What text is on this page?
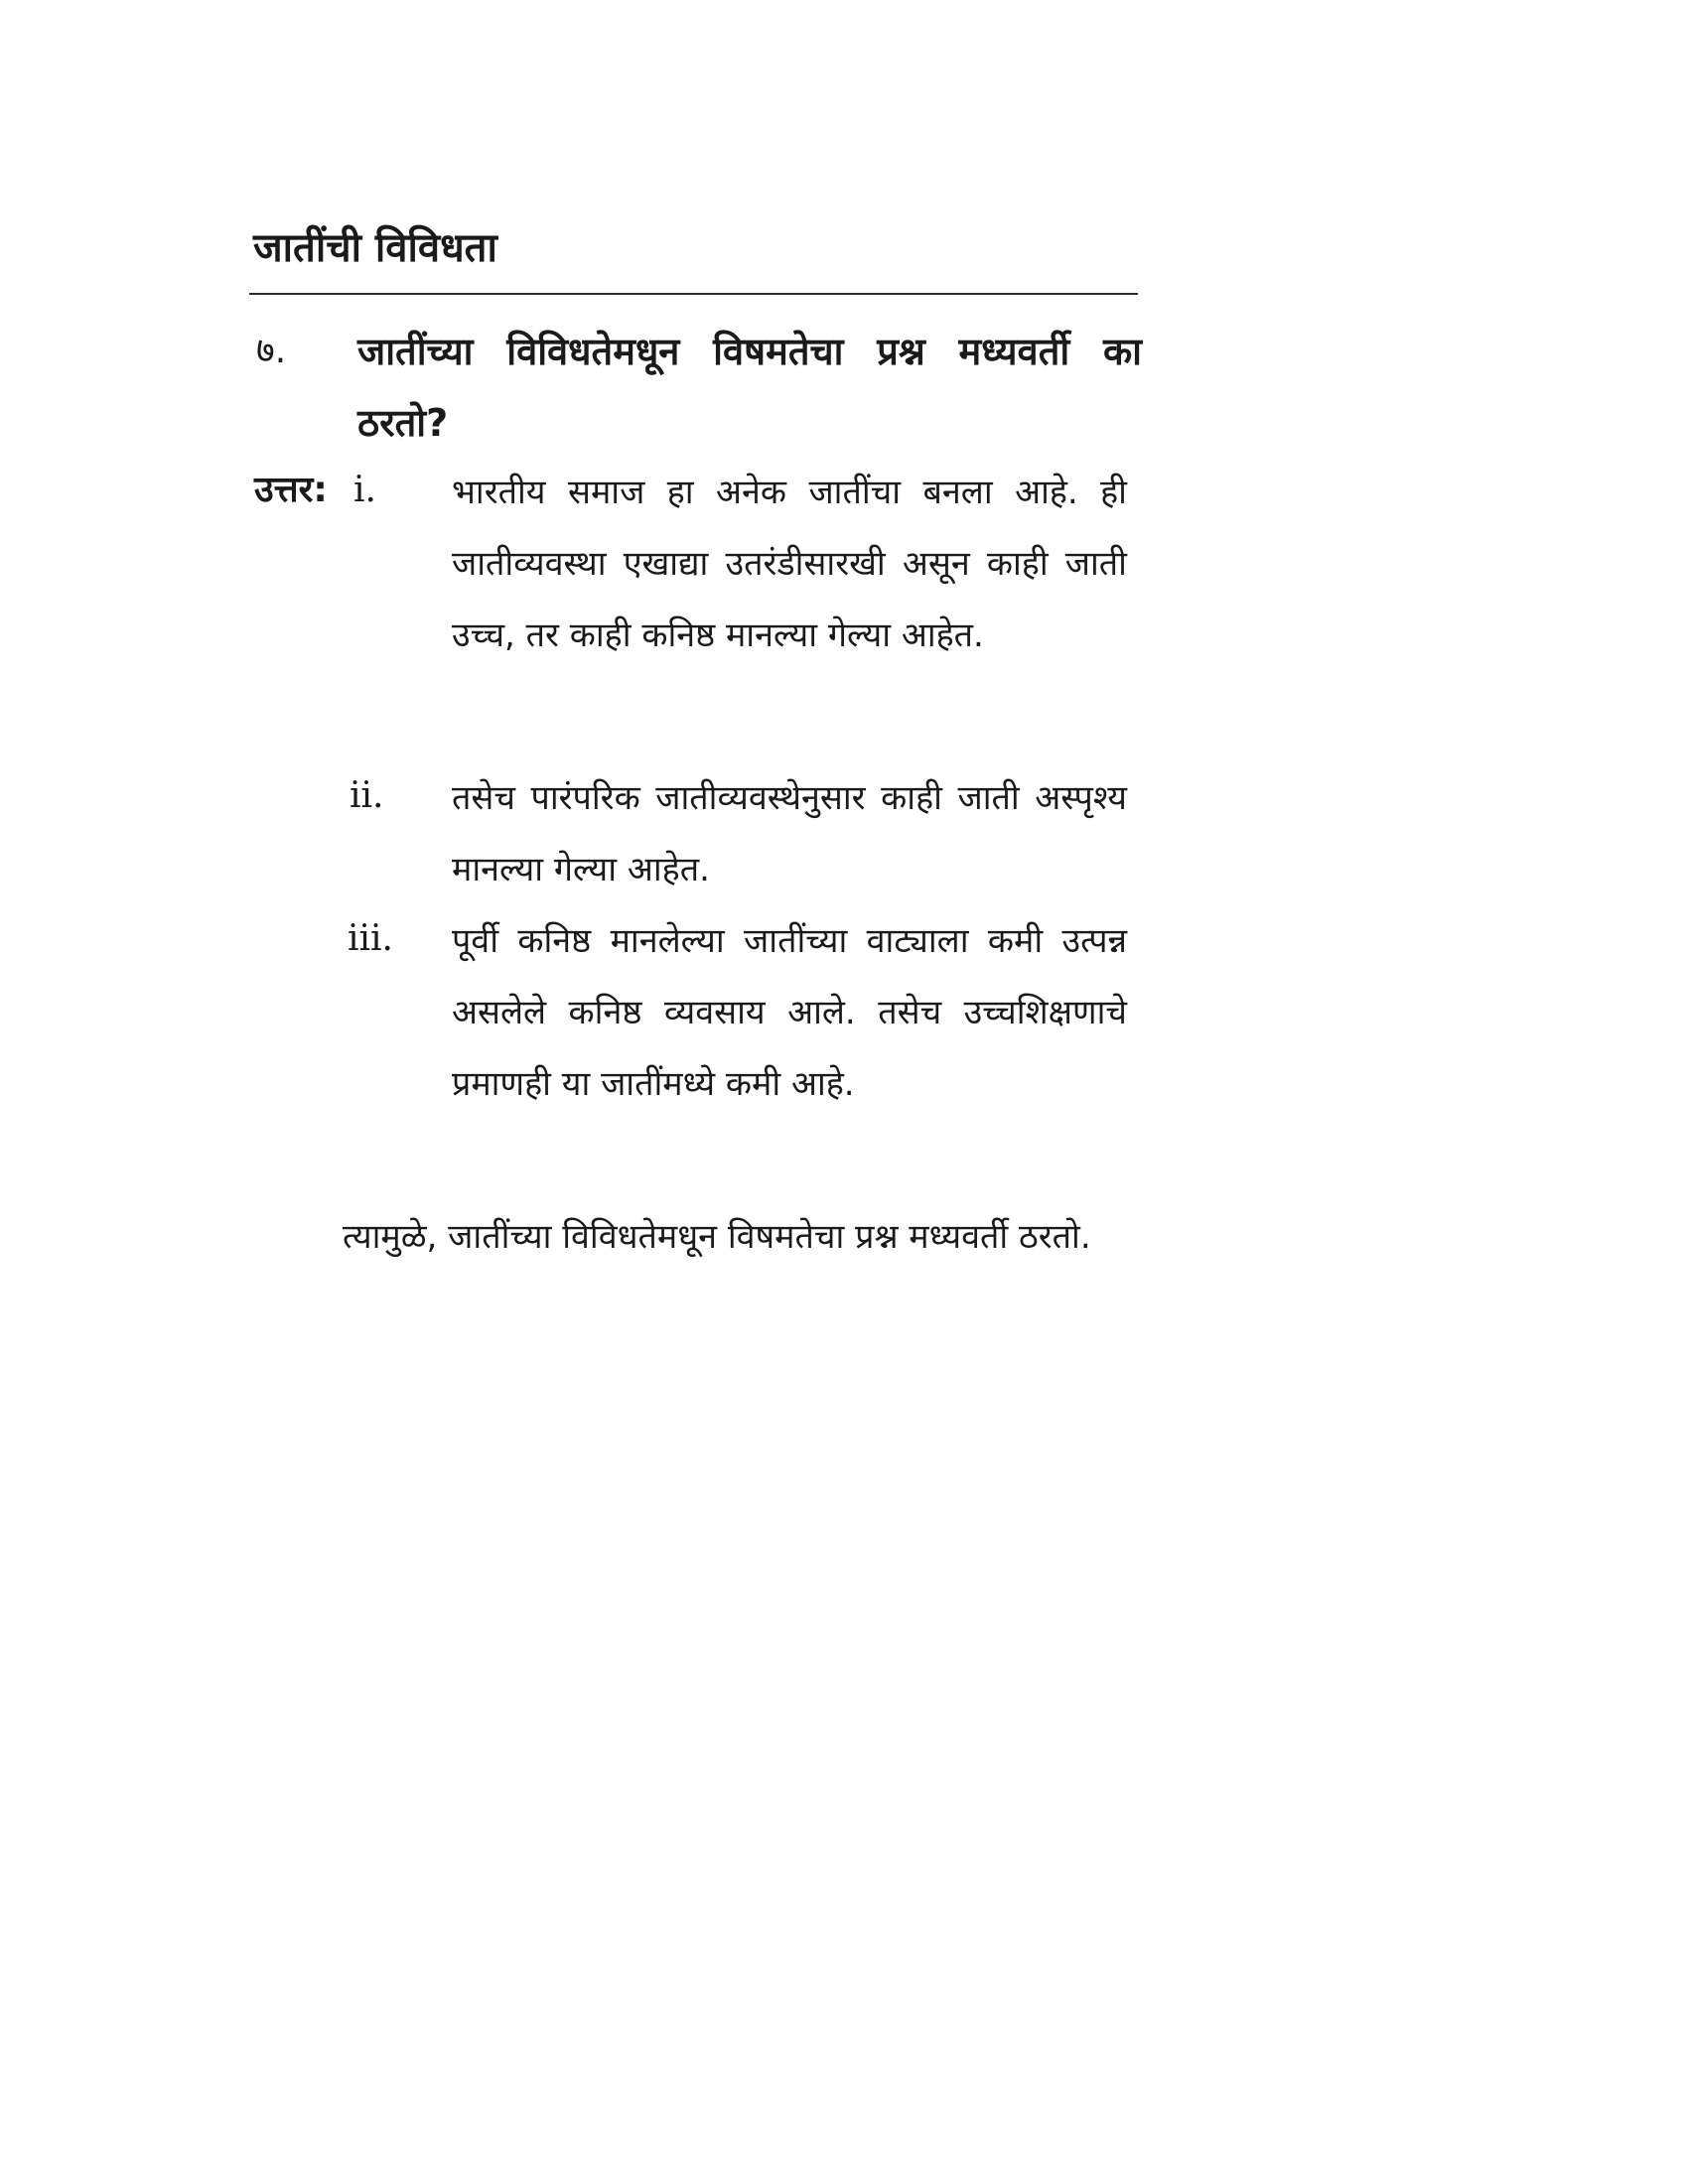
जातींची विविधता
७. जातींच्या विविधतेमधून विषमतेचा प्रश्न मध्यवर्ती का ठरतो?
उत्तर: i. भारतीय समाज हा अनेक जातींचा बनला आहे. ही जातीव्यवस्था एखाद्या उतरंडीसारखी असून काही जाती उच्च, तर काही कनिष्ठ मानल्या गेल्या आहेत.
ii. तसेच पारंपरिक जातीव्यवस्थेनुसार काही जाती अस्पृश्य मानल्या गेल्या आहेत.
iii. पूर्वी कनिष्ठ मानलेल्या जातींच्या वाट्याला कमी उत्पन्न असलेले कनिष्ठ व्यवसाय आले. तसेच उच्चशिक्षणाचे प्रमाणही या जातींमध्ये कमी आहे.
त्यामुळे, जातींच्या विविधतेमधून विषमतेचा प्रश्न मध्यवर्ती ठरतो.
